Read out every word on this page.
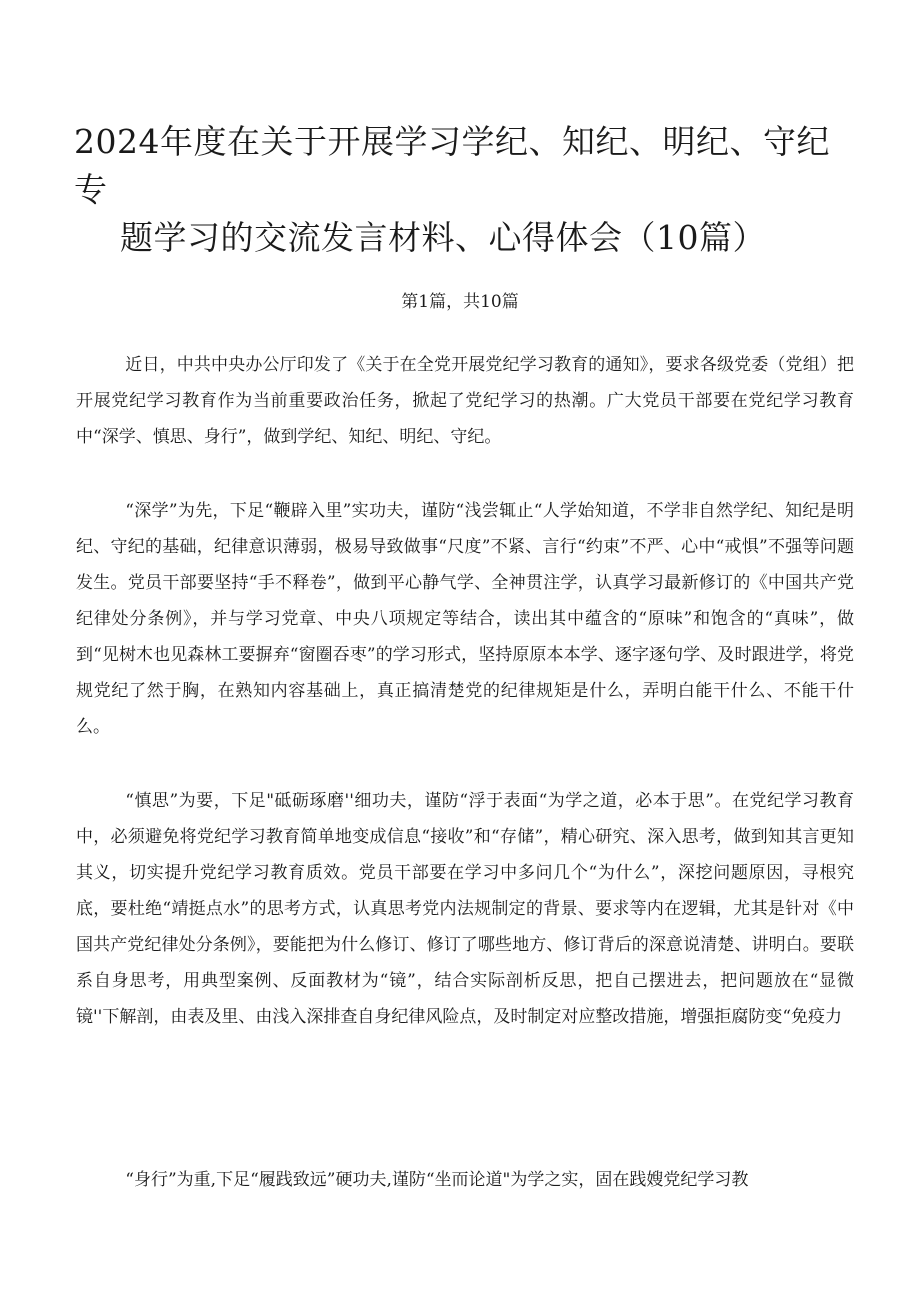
2024年度在关于开展学习学纪、知纪、明纪、守纪专
题学习的交流发言材料、心得体会（10篇）

第1篇，共10篇

近日，中共中央办公厅印发了《关于在全党开展党纪学习教育的通知》，要求各级党委（党组）把开展党纪学习教育作为当前重要政治任务，掀起了党纪学习的热潮。广大党员干部要在党纪学习教育中“深学、慎思、身行”，做到学纪、知纪、明纪、守纪。

“深学”为先，下足“鞭辟入里”实功夫，谨防“浅尝辄止“人学始知道，不学非自然学纪、知纪是明纪、守纪的基础，纪律意识薄弱，极易导致做事“尺度”不紧、言行“约束”不严、心中“戒惧”不强等问题发生。党员干部要坚持“手不释卷”，做到平心静气学、全神贯注学，认真学习最新修订的《中国共产党纪律处分条例》，并与学习党章、中央八项规定等结合，读出其中蕴含的“原味”和饱含的“真味”，做到“见树木也见森林工要摒弃“窗圈吞枣”的学习形式，坚持原原本本学、逐字逐句学、及时跟进学，将党规党纪了然于胸，在熟知内容基础上，真正搞清楚党的纪律规矩是什么，弄明白能干什么、不能干什么。

“慎思”为要，下足"砥砺琢磨''细功夫，谨防“浮于表面“为学之道，必本于思”。在党纪学习教育中，必须避免将党纪学习教育简单地变成信息“接收”和“存储”，精心研究、深入思考，做到知其言更知其义，切实提升党纪学习教育质效。党员干部要在学习中多问几个“为什么”，深挖问题原因，寻根究底，要杜绝“靖挺点水”的思考方式，认真思考党内法规制定的背景、要求等内在逻辑，尤其是针对《中国共产党纪律处分条例》，要能把为什么修订、修订了哪些地方、修订背后的深意说清楚、讲明白。要联系自身思考，用典型案例、反面教材为“镜”，结合实际剖析反思，把自己摆进去，把问题放在“显微镜''下解剖，由表及里、由浅入深排查自身纪律风险点，及时制定对应整改措施，增强拒腐防变“免疫力

“身行”为重,下足“履践致远”硬功夫,谨防“坐而论道"为学之实，固在践嫂党纪学习教
